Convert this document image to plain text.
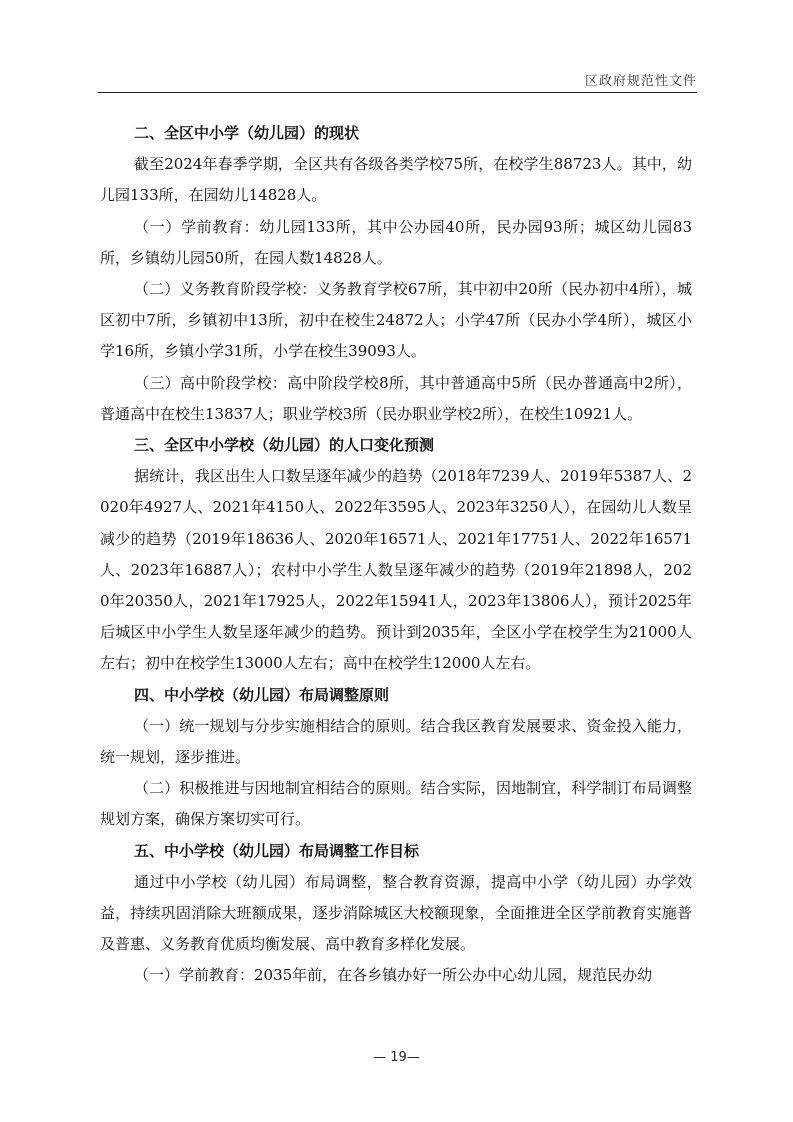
区政府规范性文件

二、全区中小学（幼儿园）的现状

截至2024年春季学期，全区共有各级各类学校75所，在校学生88723人。其中，幼儿园133所，在园幼儿14828人。

（一）学前教育：幼儿园133所，其中公办园40所，民办园93所；城区幼儿园83所，乡镇幼儿园50所，在园人数14828人。

（二）义务教育阶段学校：义务教育学校67所，其中初中20所（民办初中4所），城区初中7所，乡镇初中13所，初中在校生24872人；小学47所（民办小学4所），城区小学16所，乡镇小学31所，小学在校生39093人。

（三）高中阶段学校：高中阶段学校8所，其中普通高中5所（民办普通高中2所），普通高中在校生13837人；职业学校3所（民办职业学校2所），在校生10921人。

三、全区中小学校（幼儿园）的人口变化预测

据统计，我区出生人口数呈逐年减少的趋势（2018年7239人、2019年5387人、2020年4927人、2021年4150人、2022年3595人、2023年3250人），在园幼儿人数呈减少的趋势（2019年18636人、2020年16571人、2021年17751人、2022年16571人、2023年16887人）；农村中小学生人数呈逐年减少的趋势（2019年21898人，2020年20350人，2021年17925人，2022年15941人，2023年13806人），预计2025年后城区中小学生人数呈逐年减少的趋势。预计到2035年，全区小学在校学生为21000人左右；初中在校学生13000人左右；高中在校学生12000人左右。

四、中小学校（幼儿园）布局调整原则

（一）统一规划与分步实施相结合的原则。结合我区教育发展要求、资金投入能力，统一规划，逐步推进。

（二）积极推进与因地制宜相结合的原则。结合实际，因地制宜，科学制订布局调整规划方案，确保方案切实可行。

五、中小学校（幼儿园）布局调整工作目标

通过中小学校（幼儿园）布局调整，整合教育资源，提高中小学（幼儿园）办学效益，持续巩固消除大班额成果，逐步消除城区大校额现象，全面推进全区学前教育实施普及普惠、义务教育优质均衡发展、高中教育多样化发展。

（一）学前教育：2035年前，在各乡镇办好一所公办中心幼儿园，规范民办幼

— 19—
